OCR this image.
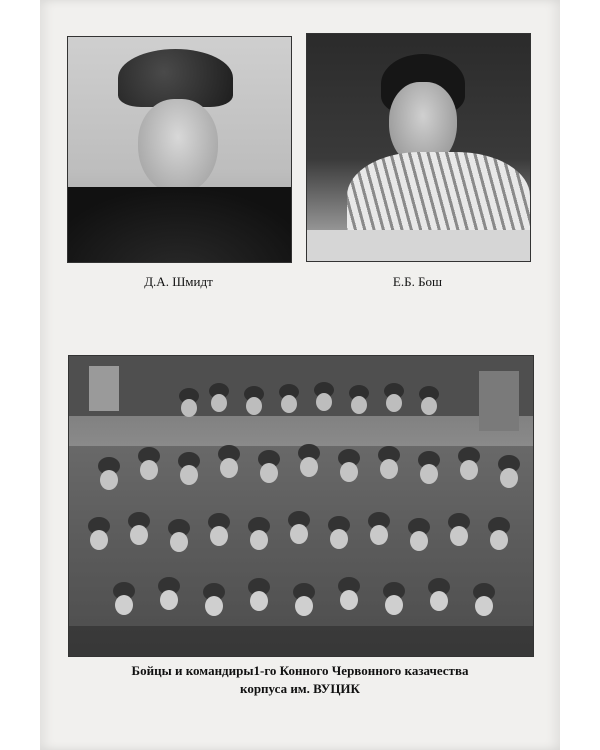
Д.А. Шмидт	Е.Б. Бош
Бойцы и командиры1-го Конного Червонного казачества
корпуса им. ВУЦИК
